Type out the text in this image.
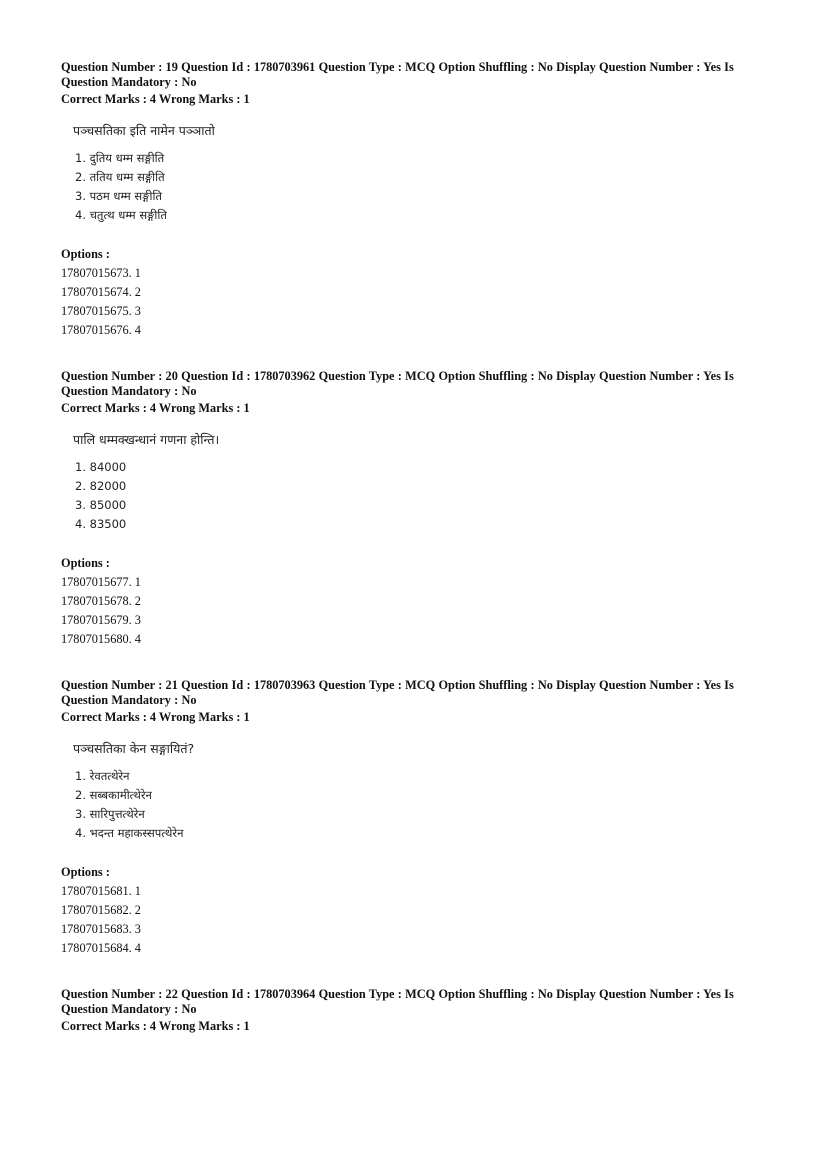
Question Number : 19 Question Id : 1780703961 Question Type : MCQ Option Shuffling : No Display Question Number : Yes Is Question Mandatory : No

Correct Marks : 4 Wrong Marks : 1

पञ्चसतिका इति नामेन पञ्ञातो

1. दुतिय धम्म सङ्गीति
2. ततिय धम्म सङ्गीति
3. पठम धम्म सङ्गीति
4. चतुत्थ धम्म सङ्गीति

Options :

17807015673. 1

17807015674. 2

17807015675. 3

17807015676. 4

Question Number : 20 Question Id : 1780703962 Question Type : MCQ Option Shuffling : No Display Question Number : Yes Is Question Mandatory : No

Correct Marks : 4 Wrong Marks : 1

पालि धम्मक्खन्धानं गणना होन्ति।

1. 84000
2. 82000
3. 85000
4. 83500

Options :

17807015677. 1

17807015678. 2

17807015679. 3

17807015680. 4

Question Number : 21 Question Id : 1780703963 Question Type : MCQ Option Shuffling : No Display Question Number : Yes Is Question Mandatory : No

Correct Marks : 4 Wrong Marks : 1

पञ्चसतिका केन सङ्गायितं?

1. रेवतत्थेरेन
2. सब्बकामीत्थेरेन
3. सारिपुत्तत्थेरेन
4. भदन्त महाकस्सपत्थेरेन

Options :

17807015681. 1

17807015682. 2

17807015683. 3

17807015684. 4

Question Number : 22 Question Id : 1780703964 Question Type : MCQ Option Shuffling : No Display Question Number : Yes Is Question Mandatory : No

Correct Marks : 4 Wrong Marks : 1
